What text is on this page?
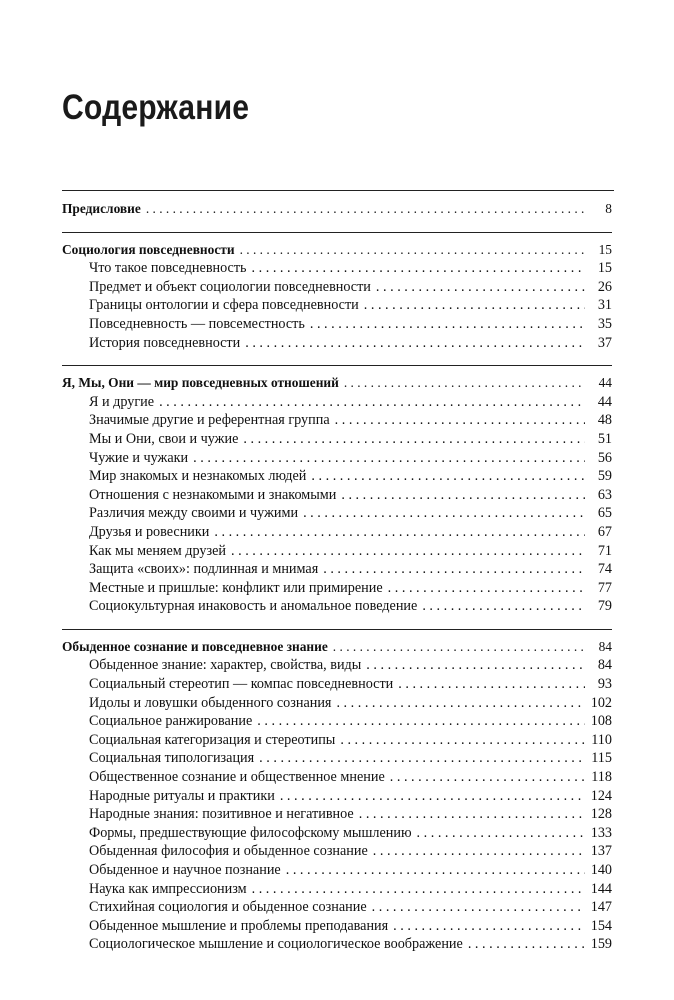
Содержание
Предисловие . . .	8
Социология повседневности . . .	15
Что такое повседневность . . .	15
Предмет и объект социологии повседневности . . .	26
Границы онтологии и сфера повседневности . . .	31
Повседневность — повсеместность . . .	35
История повседневности . . .	37
Я, Мы, Они — мир повседневных отношений . . .	44
Я и другие . . .	44
Значимые другие и референтная группа . . .	48
Мы и Они, свои и чужие . . .	51
Чужие и чужаки . . .	56
Мир знакомых и незнакомых людей . . .	59
Отношения с незнакомыми и знакомыми . . .	63
Различия между своими и чужими . . .	65
Друзья и ровесники . . .	67
Как мы меняем друзей . . .	71
Защита «своих»: подлинная и мнимая . . .	74
Местные и пришлые: конфликт или примирение . . .	77
Социокультурная инаковость и аномальное поведение . . .	79
Обыденное сознание и повседневное знание . . .	84
Обыденное знание: характер, свойства, виды . . .	84
Социальный стереотип — компас повседневности . . .	93
Идолы и ловушки обыденного сознания . . .	102
Социальное ранжирование . . .	108
Социальная категоризация и стереотипы . . .	110
Социальная типологизация . . .	115
Общественное сознание и общественное мнение . . .	118
Народные ритуалы и практики . . .	124
Народные знания: позитивное и негативное . . .	128
Формы, предшествующие философскому мышлению . . .	133
Обыденная философия и обыденное сознание . . .	137
Обыденное и научное познание . . .	140
Наука как импрессионизм . . .	144
Стихийная социология и обыденное сознание . . .	147
Обыденное мышление и проблемы преподавания . . .	154
Социологическое мышление и социологическое воображение . . .	159
